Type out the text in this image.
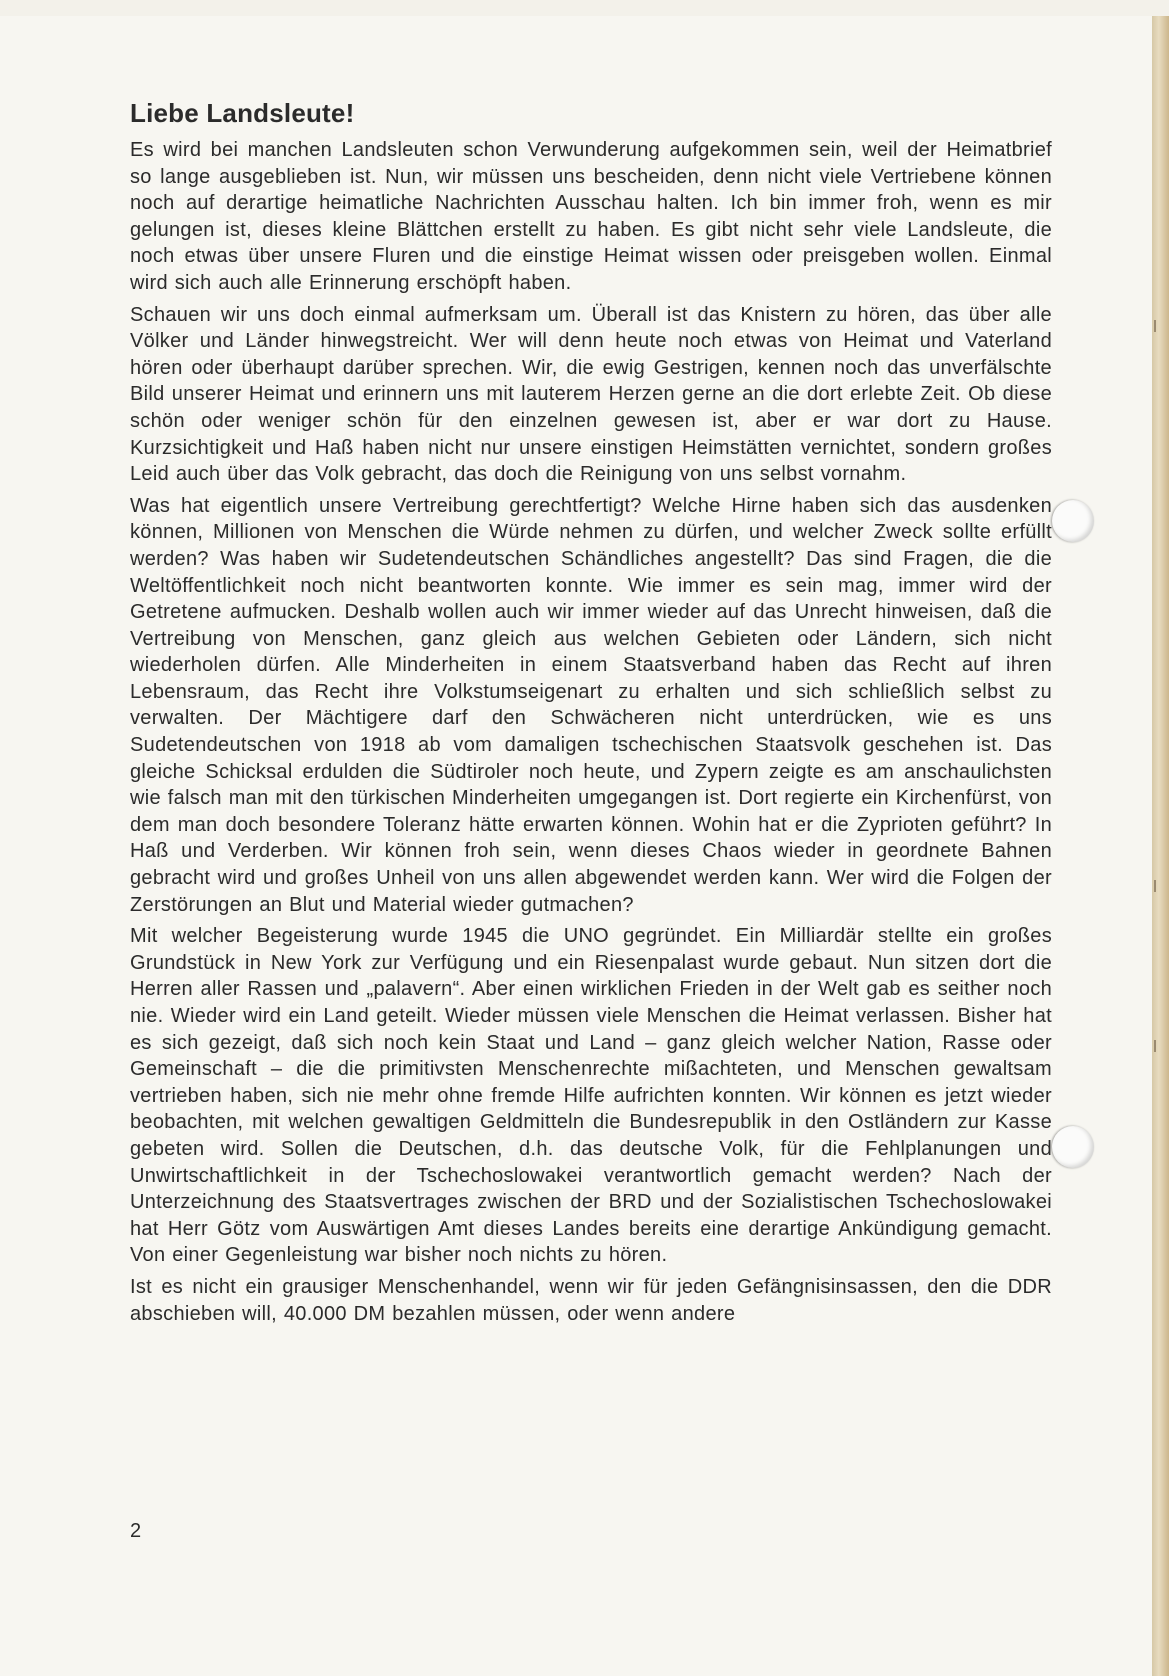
Liebe Landsleute!

Es wird bei manchen Landsleuten schon Verwunderung aufgekommen sein, weil der Heimatbrief so lange ausgeblieben ist. Nun, wir müssen uns bescheiden, denn nicht viele Vertriebene können noch auf derartige heimatliche Nachrichten Ausschau halten. Ich bin immer froh, wenn es mir gelungen ist, dieses kleine Blättchen erstellt zu haben. Es gibt nicht sehr viele Landsleute, die noch etwas über unsere Fluren und die einstige Heimat wissen oder preisgeben wollen. Einmal wird sich auch alle Erinnerung erschöpft haben.

Schauen wir uns doch einmal aufmerksam um. Überall ist das Knistern zu hören, das über alle Völker und Länder hinwegstreicht. Wer will denn heute noch etwas von Heimat und Vaterland hören oder überhaupt darüber sprechen. Wir, die ewig Gestrigen, kennen noch das unverfälschte Bild unserer Heimat und erinnern uns mit lauterem Herzen gerne an die dort erlebte Zeit. Ob diese schön oder weniger schön für den einzelnen gewesen ist, aber er war dort zu Hause. Kurzsichtigkeit und Haß haben nicht nur unsere einstigen Heimstätten vernichtet, sondern großes Leid auch über das Volk gebracht, das doch die Reinigung von uns selbst vornahm.

Was hat eigentlich unsere Vertreibung gerechtfertigt? Welche Hirne haben sich das ausdenken können, Millionen von Menschen die Würde nehmen zu dürfen, und welcher Zweck sollte erfüllt werden? Was haben wir Sudetendeutschen Schändliches angestellt? Das sind Fragen, die die Weltöffentlichkeit noch nicht beantworten konnte. Wie immer es sein mag, immer wird der Getretene aufmucken. Deshalb wollen auch wir immer wieder auf das Unrecht hinweisen, daß die Vertreibung von Menschen, ganz gleich aus welchen Gebieten oder Ländern, sich nicht wiederholen dürfen. Alle Minderheiten in einem Staatsverband haben das Recht auf ihren Lebensraum, das Recht ihre Volkstumseigenart zu erhalten und sich schließlich selbst zu verwalten. Der Mächtigere darf den Schwächeren nicht unterdrücken, wie es uns Sudetendeutschen von 1918 ab vom damaligen tschechischen Staatsvolk geschehen ist. Das gleiche Schicksal erdulden die Südtiroler noch heute, und Zypern zeigte es am anschaulichsten wie falsch man mit den türkischen Minderheiten umgegangen ist. Dort regierte ein Kirchenfürst, von dem man doch besondere Toleranz hätte erwarten können. Wohin hat er die Zyprioten geführt? In Haß und Verderben. Wir können froh sein, wenn dieses Chaos wieder in geordnete Bahnen gebracht wird und großes Unheil von uns allen abgewendet werden kann. Wer wird die Folgen der Zerstörungen an Blut und Material wieder gutmachen?

Mit welcher Begeisterung wurde 1945 die UNO gegründet. Ein Milliardär stellte ein großes Grundstück in New York zur Verfügung und ein Riesenpalast wurde gebaut. Nun sitzen dort die Herren aller Rassen und „palavern“. Aber einen wirklichen Frieden in der Welt gab es seither noch nie. Wieder wird ein Land geteilt. Wieder müssen viele Menschen die Heimat verlassen. Bisher hat es sich gezeigt, daß sich noch kein Staat und Land – ganz gleich welcher Nation, Rasse oder Gemeinschaft – die die primitivsten Menschenrechte mißachteten, und Menschen gewaltsam vertrieben haben, sich nie mehr ohne fremde Hilfe aufrichten konnten. Wir können es jetzt wieder beobachten, mit welchen gewaltigen Geldmitteln die Bundesrepublik in den Ostländern zur Kasse gebeten wird. Sollen die Deutschen, d.h. das deutsche Volk, für die Fehlplanungen und Unwirtschaftlichkeit in der Tschechoslowakei verantwortlich gemacht werden? Nach der Unterzeichnung des Staatsvertrages zwischen der BRD und der Sozialistischen Tschechoslowakei hat Herr Götz vom Auswärtigen Amt dieses Landes bereits eine derartige Ankündigung gemacht. Von einer Gegenleistung war bisher noch nichts zu hören.

Ist es nicht ein grausiger Menschenhandel, wenn wir für jeden Gefängnisinsassen, den die DDR abschieben will, 40.000 DM bezahlen müssen, oder wenn andere

2
